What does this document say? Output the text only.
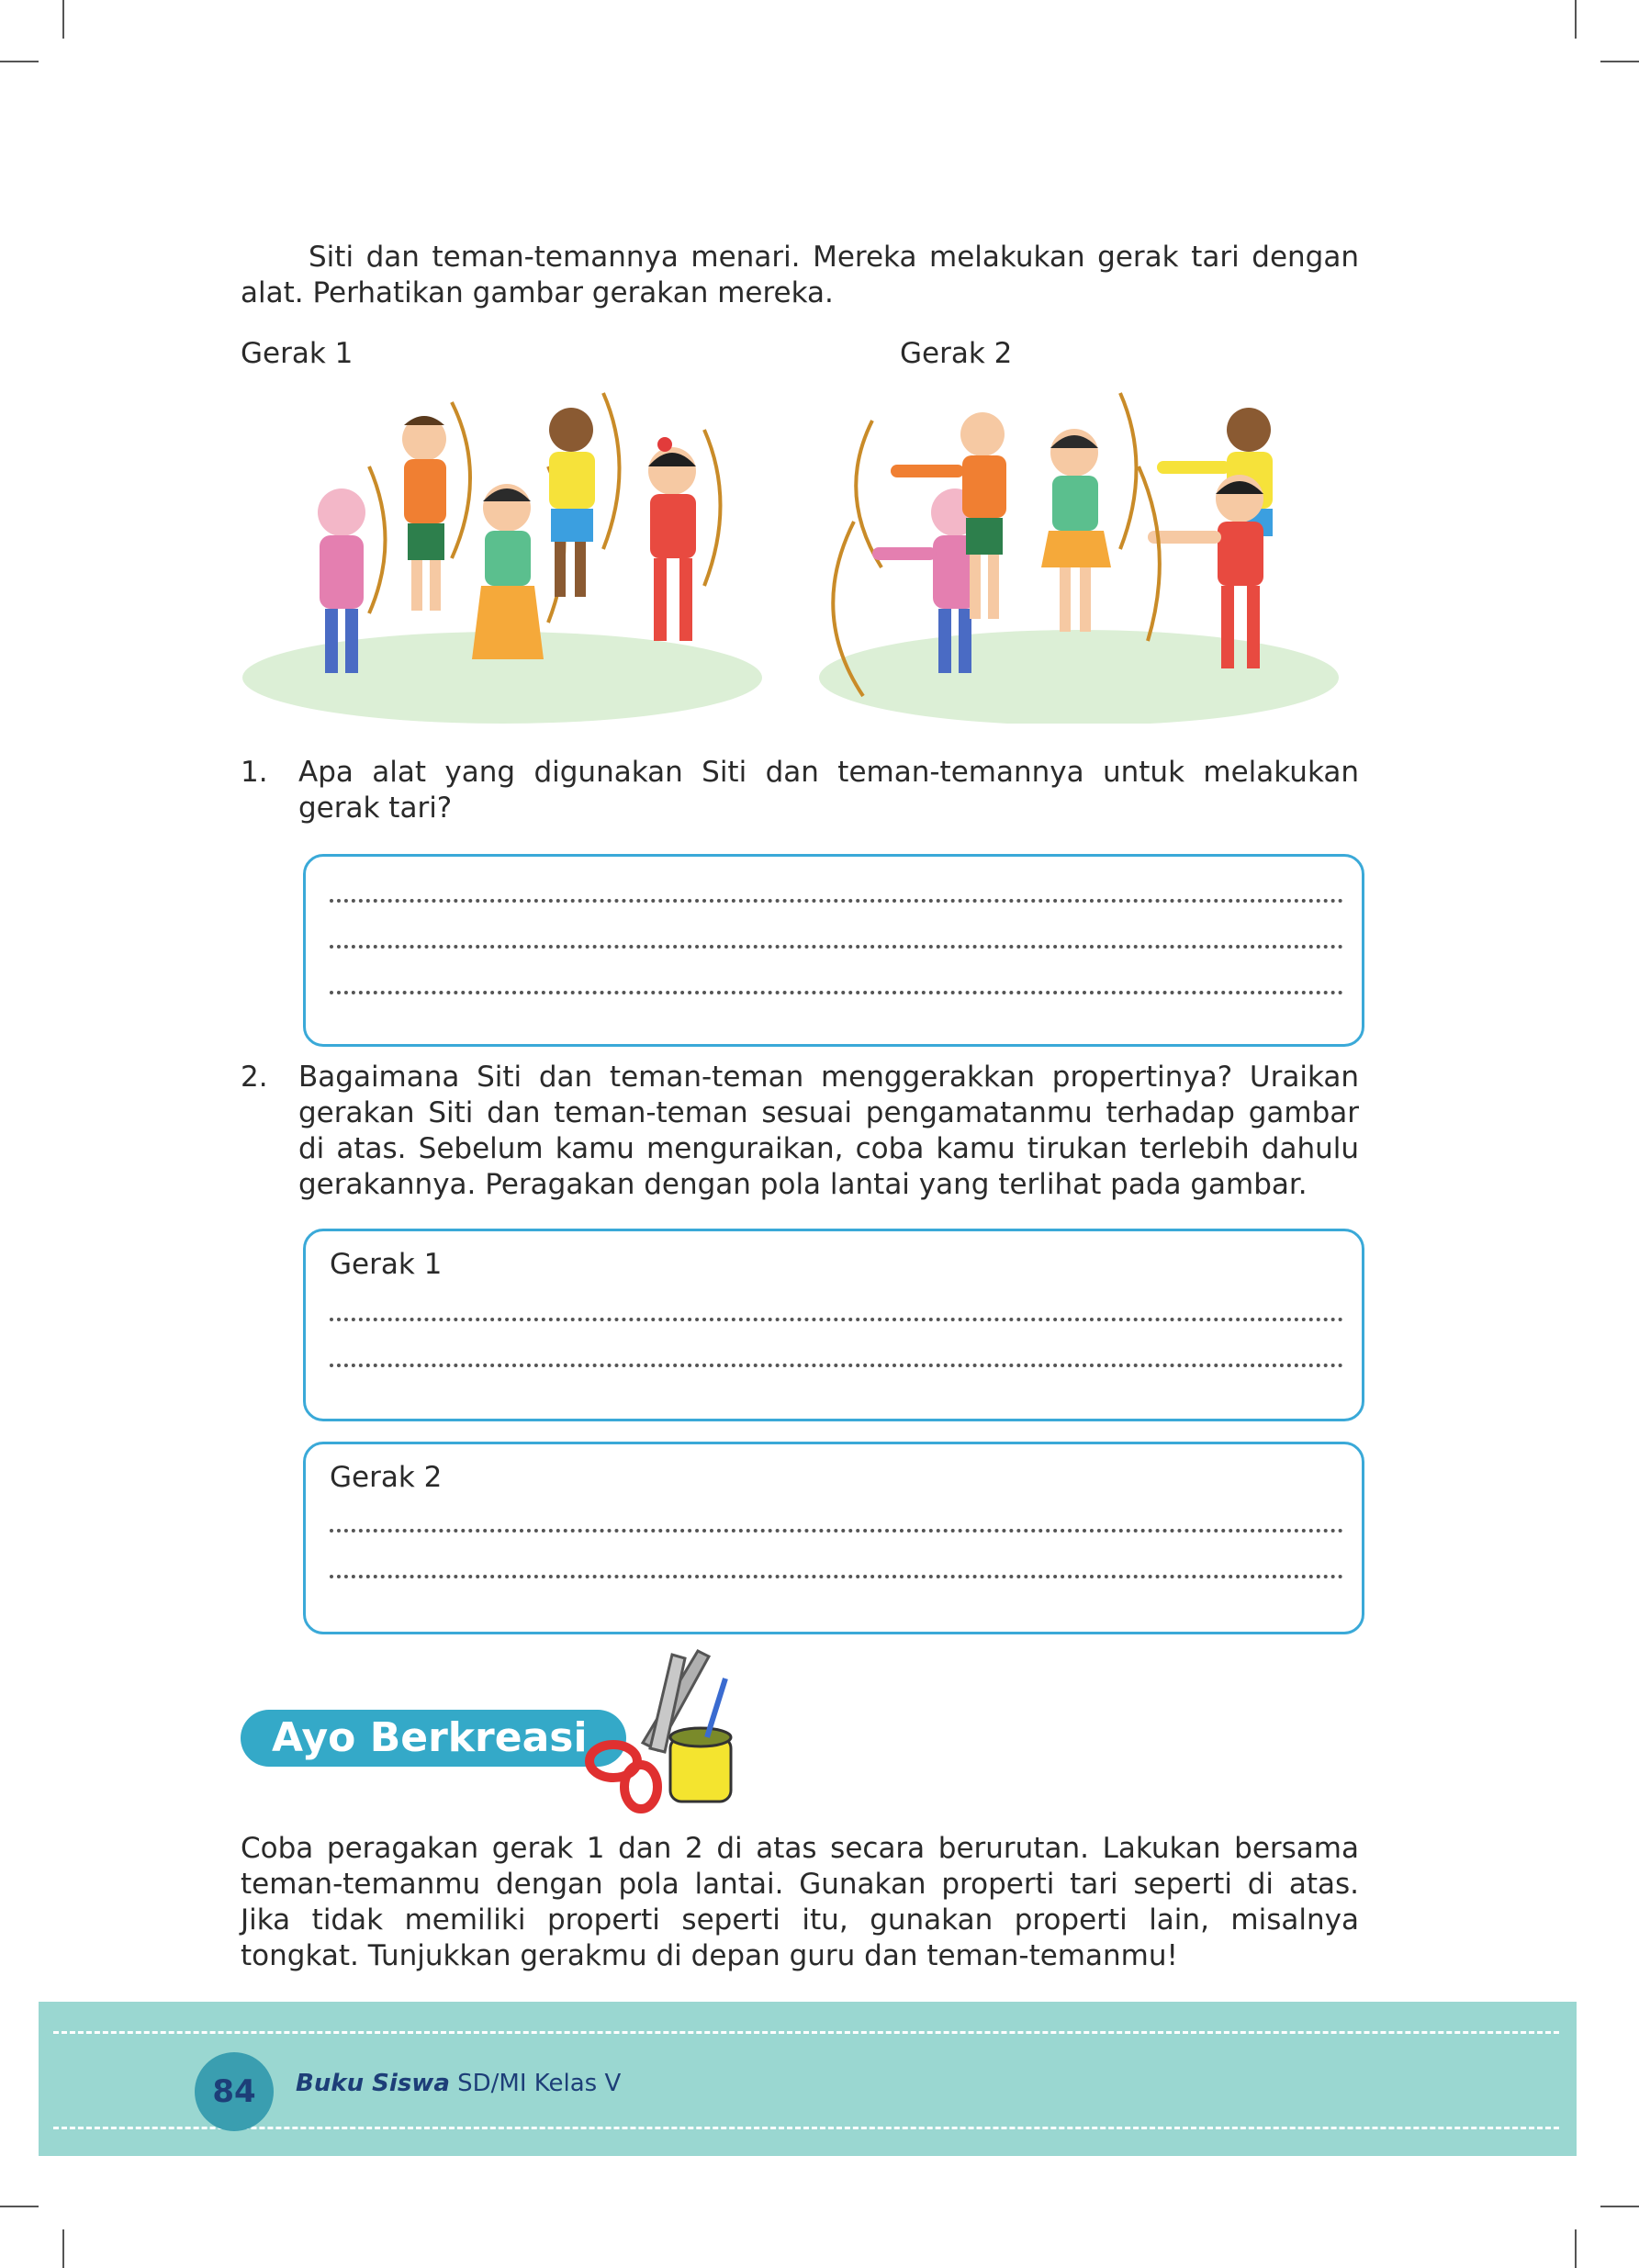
Siti dan teman-temannya menari. Mereka melakukan gerak tari dengan alat. Perhatikan gambar gerakan mereka.
Gerak 1	Gerak 2
1. Apa alat yang digunakan Siti dan teman-temannya untuk melakukan gerak tari?
2. Bagaimana Siti dan teman-teman menggerakkan propertinya? Uraikan gerakan Siti dan teman-teman sesuai pengamatanmu terhadap gambar di atas. Sebelum kamu menguraikan, coba kamu tirukan terlebih dahulu gerakannya. Peragakan dengan pola lantai yang terlihat pada gambar.
Gerak 1
Gerak 2
Ayo Berkreasi
Coba peragakan gerak 1 dan 2 di atas secara berurutan. Lakukan bersama teman-temanmu dengan pola lantai. Gunakan properti tari seperti di atas. Jika tidak memiliki properti seperti itu, gunakan properti lain, misalnya tongkat. Tunjukkan gerakmu di depan guru dan teman-temanmu!
84	Buku Siswa SD/MI Kelas V
